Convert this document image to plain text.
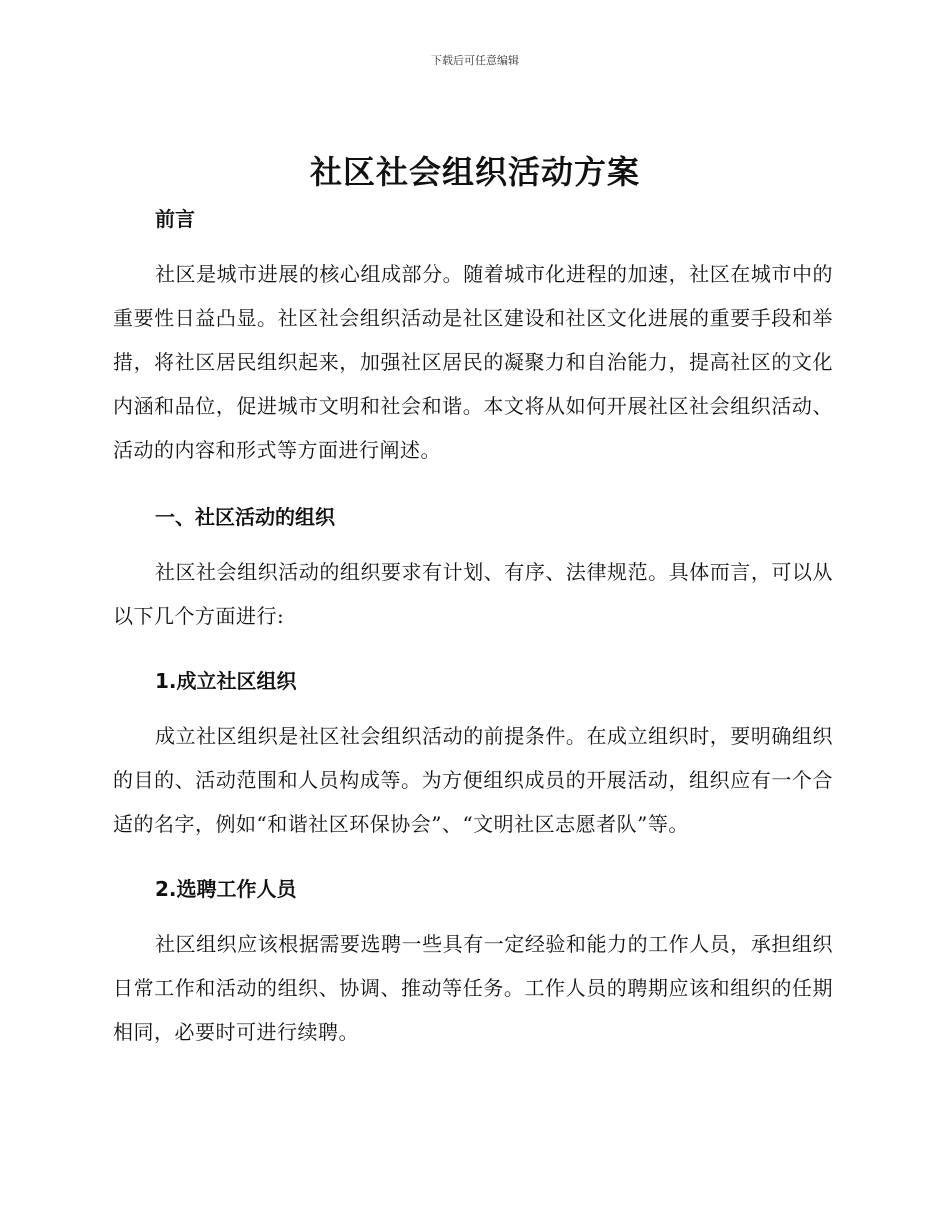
下载后可任意编辑
社区社会组织活动方案

前言

社区是城市进展的核心组成部分。随着城市化进程的加速，社区在城市中的重要性日益凸显。社区社会组织活动是社区建设和社区文化进展的重要手段和举措，将社区居民组织起来，加强社区居民的凝聚力和自治能力，提高社区的文化内涵和品位，促进城市文明和社会和谐。本文将从如何开展社区社会组织活动、活动的内容和形式等方面进行阐述。

一、社区活动的组织

社区社会组织活动的组织要求有计划、有序、法律规范。具体而言，可以从以下几个方面进行:

1.成立社区组织

成立社区组织是社区社会组织活动的前提条件。在成立组织时，要明确组织的目的、活动范围和人员构成等。为方便组织成员的开展活动，组织应有一个合适的名字，例如“和谐社区环保协会”、“文明社区志愿者队”等。

2.选聘工作人员

社区组织应该根据需要选聘一些具有一定经验和能力的工作人员，承担组织日常工作和活动的组织、协调、推动等任务。工作人员的聘期应该和组织的任期相同，必要时可进行续聘。
